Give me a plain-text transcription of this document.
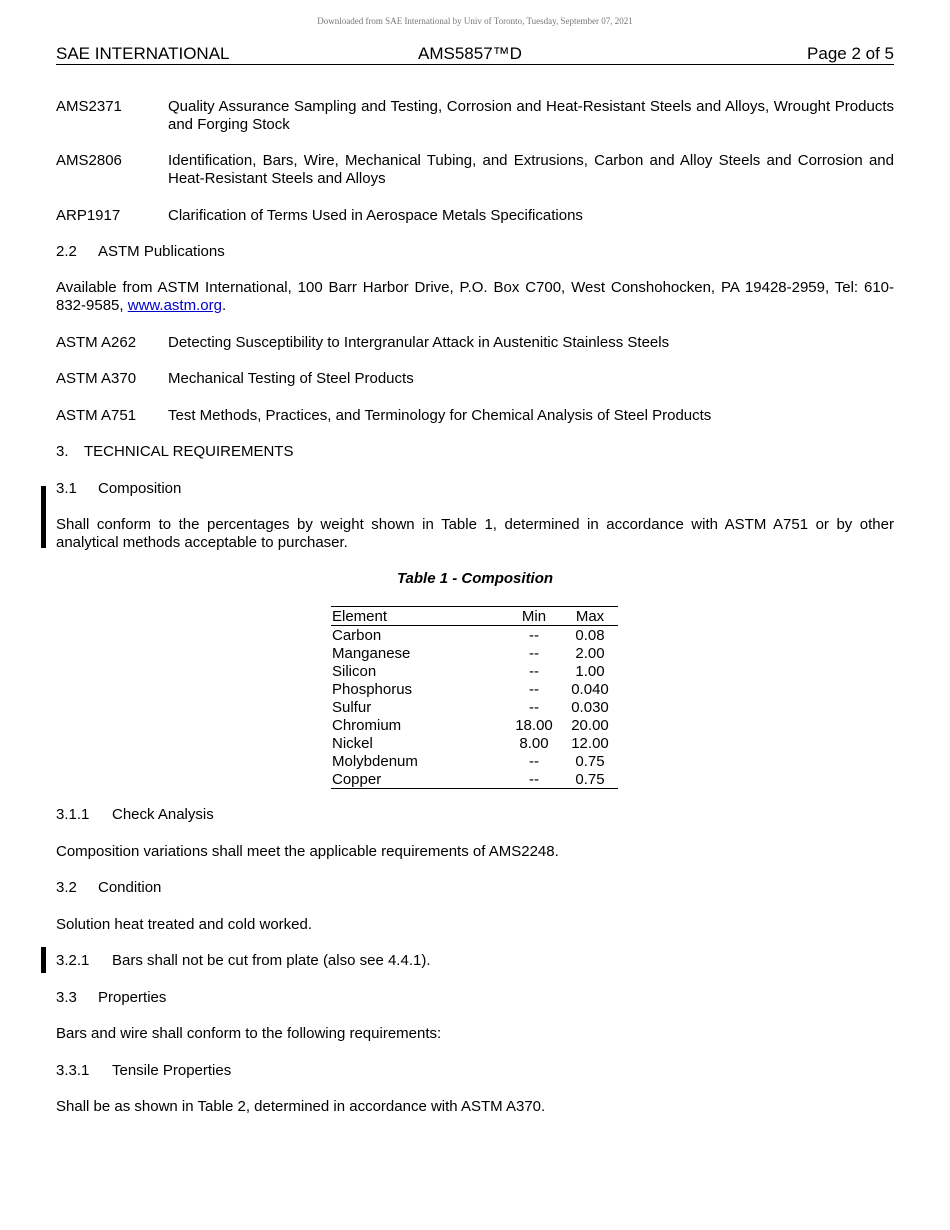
Downloaded from SAE International by Univ of Toronto, Tuesday, September 07, 2021
SAE INTERNATIONAL	AMS5857™D	Page 2 of 5
AMS2371	Quality Assurance Sampling and Testing, Corrosion and Heat-Resistant Steels and Alloys, Wrought Products and Forging Stock
AMS2806	Identification, Bars, Wire, Mechanical Tubing, and Extrusions, Carbon and Alloy Steels and Corrosion and Heat-Resistant Steels and Alloys
ARP1917	Clarification of Terms Used in Aerospace Metals Specifications
2.2 ASTM Publications
Available from ASTM International, 100 Barr Harbor Drive, P.O. Box C700, West Conshohocken, PA 19428-2959, Tel: 610-832-9585, www.astm.org.
ASTM A262 Detecting Susceptibility to Intergranular Attack in Austenitic Stainless Steels
ASTM A370 Mechanical Testing of Steel Products
ASTM A751 Test Methods, Practices, and Terminology for Chemical Analysis of Steel Products
3. TECHNICAL REQUIREMENTS
3.1 Composition
Shall conform to the percentages by weight shown in Table 1, determined in accordance with ASTM A751 or by other analytical methods acceptable to purchaser.
Table 1 - Composition
Element	Min	Max
Carbon	--	0.08
Manganese	--	2.00
Silicon	--	1.00
Phosphorus	--	0.040
Sulfur	--	0.030
Chromium	18.00	20.00
Nickel	8.00	12.00
Molybdenum	--	0.75
Copper	--	0.75
3.1.1 Check Analysis
Composition variations shall meet the applicable requirements of AMS2248.
3.2 Condition
Solution heat treated and cold worked.
3.2.1 Bars shall not be cut from plate (also see 4.4.1).
3.3 Properties
Bars and wire shall conform to the following requirements:
3.3.1 Tensile Properties
Shall be as shown in Table 2, determined in accordance with ASTM A370.
